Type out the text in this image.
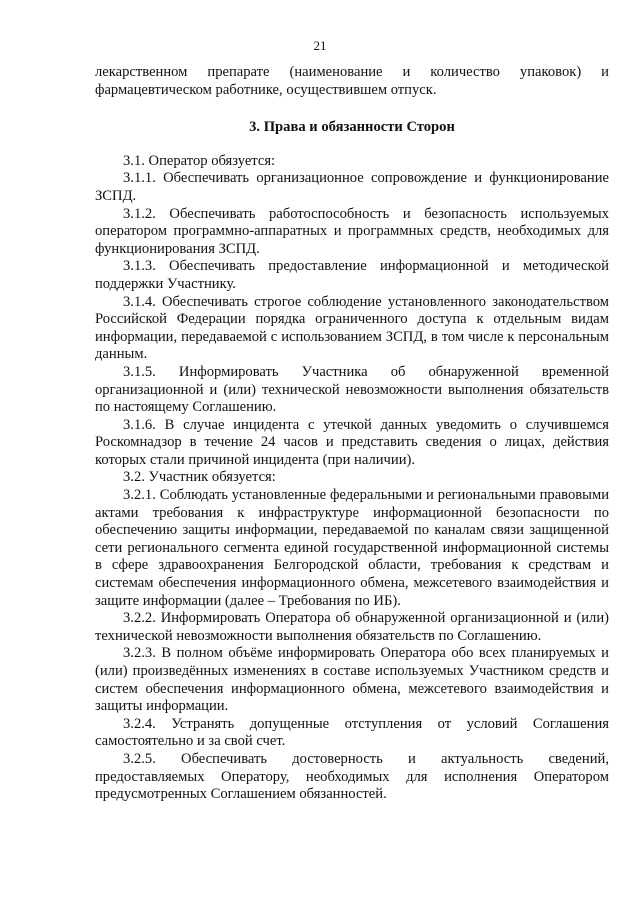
21

лекарственном препарате (наименование и количество упаковок) и фармацевтическом работнике, осуществившем отпуск.

3. Права и обязанности Сторон

3.1. Оператор обязуется:

3.1.1. Обеспечивать организационное сопровождение и функционирование ЗСПД.

3.1.2. Обеспечивать работоспособность и безопасность используемых оператором программно-аппаратных и программных средств, необходимых для функционирования ЗСПД.

3.1.3. Обеспечивать предоставление информационной и методической поддержки Участнику.

3.1.4. Обеспечивать строгое соблюдение установленного законодательством Российской Федерации порядка ограниченного доступа к отдельным видам информации, передаваемой с использованием ЗСПД, в том числе к персональным данным.

3.1.5. Информировать Участника об обнаруженной временной организационной и (или) технической невозможности выполнения обязательств по настоящему Соглашению.

3.1.6. В случае инцидента с утечкой данных уведомить о случившемся Роскомнадзор в течение 24 часов и представить сведения о лицах, действия которых стали причиной инцидента (при наличии).

3.2. Участник обязуется:

3.2.1. Соблюдать установленные федеральными и региональными правовыми актами требования к инфраструктуре информационной безопасности по обеспечению защиты информации, передаваемой по каналам связи защищенной сети регионального сегмента единой государственной информационной системы в сфере здравоохранения Белгородской области, требования к средствам и системам обеспечения информационного обмена, межсетевого взаимодействия и защите информации (далее – Требования по ИБ).

3.2.2. Информировать Оператора об обнаруженной организационной и (или) технической невозможности выполнения обязательств по Соглашению.

3.2.3. В полном объёме информировать Оператора обо всех планируемых и (или) произведённых изменениях в составе используемых Участником средств и систем обеспечения информационного обмена, межсетевого взаимодействия и защиты информации.

3.2.4. Устранять допущенные отступления от условий Соглашения самостоятельно и за свой счет.

3.2.5. Обеспечивать достоверность и актуальность сведений, предоставляемых Оператору, необходимых для исполнения Оператором предусмотренных Соглашением обязанностей.
